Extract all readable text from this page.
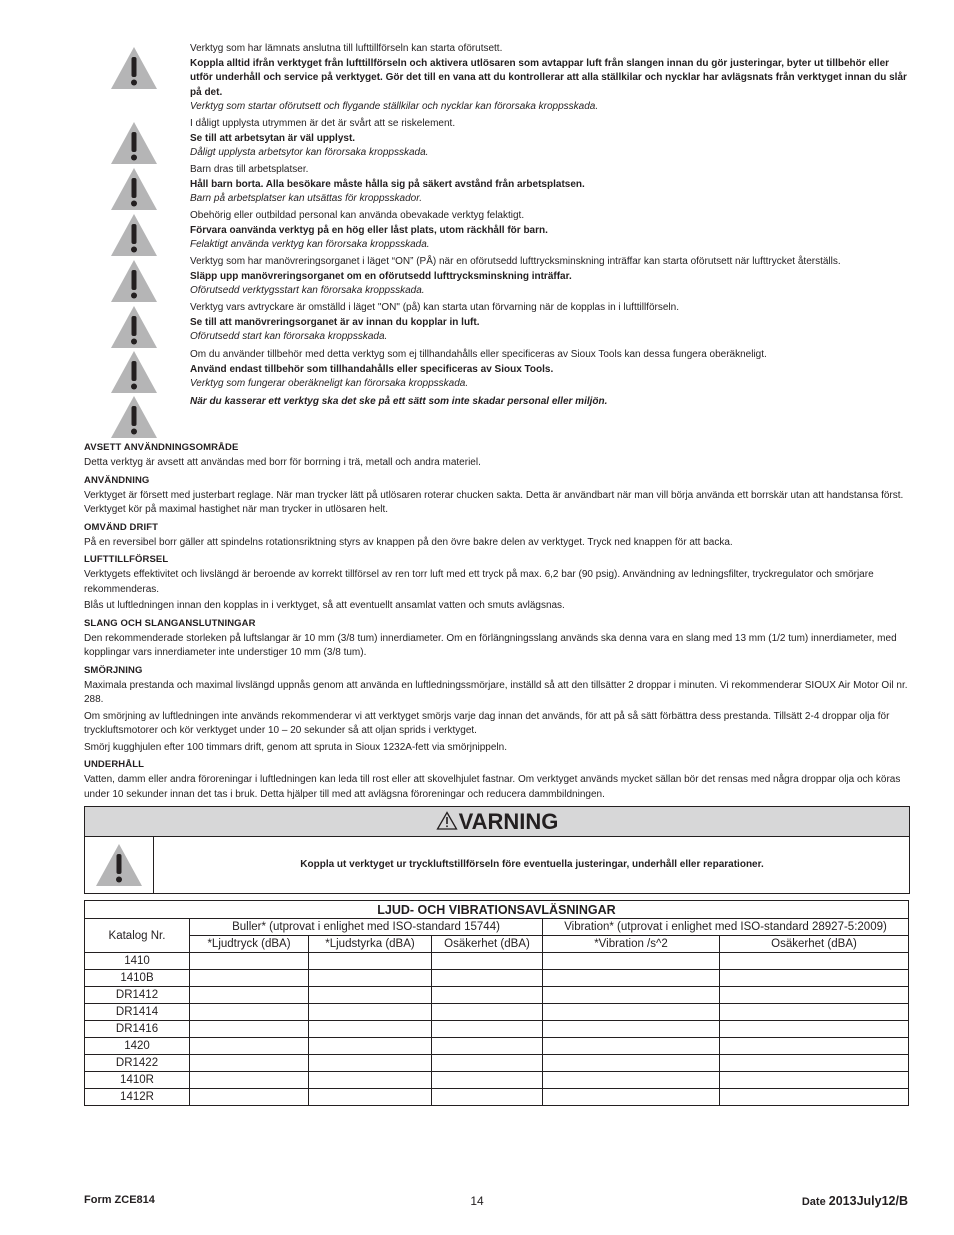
Verktyg som har lämnats anslutna till lufttillförseln kan starta oförutsett.
Koppla alltid ifrån verktyget från lufttillförseln och aktivera utlösaren som avtappar luft från slangen innan du gör justeringar, byter ut tillbehör eller utför underhåll och service på verktyget. Gör det till en vana att du kontrollerar att alla ställkilar och nycklar har avlägsnats från verktyget innan du slår på det.
Verktyg som startar oförutsett och flygande ställkilar och nycklar kan förorsaka kroppsskada.
I dåligt upplysta utrymmen är det är svårt att se riskelement.
Se till att arbetsytan är väl upplyst.
Dåligt upplysta arbetsytor kan förorsaka kroppsskada.
Barn dras till arbetsplatser.
Håll barn borta. Alla besökare måste hålla sig på säkert avstånd från arbetsplatsen.
Barn på arbetsplatser kan utsättas för kroppsskador.
Obehörig eller outbildad personal kan använda obevakade verktyg felaktigt.
Förvara oanvända verktyg på en hög eller låst plats, utom räckhåll för barn.
Felaktigt använda verktyg kan förorsaka kroppsskada.
Verktyg som har manövreringsorganet i läget “ON” (PÅ) när en oförutsedd lufttrycksminskning inträffar kan starta oförutsett när lufttrycket återställs.
Släpp upp manövreringsorganet om en oförutsedd lufttrycksminskning inträffar.
Oförutsedd verktygsstart kan förorsaka kroppsskada.
Verktyg vars avtryckare är omställd i läget "ON" (på) kan starta utan förvarning när de kopplas in i lufttillförseln.
Se till att manövreringsorganet är av innan du kopplar in luft.
Oförutsedd start kan förorsaka kroppsskada.
Om du använder tillbehör med detta verktyg som ej tillhandahålls eller specificeras av Sioux Tools kan dessa fungera oberäkneligt.
Använd endast tillbehör som tillhandahålls eller specificeras av Sioux Tools.
Verktyg som fungerar oberäkneligt kan förorsaka kroppsskada.
När du kasserar ett verktyg ska det ske på ett sätt som inte skadar personal eller miljön.
AVSETT ANVÄNDNINGSOMRÅDE

Detta verktyg är avsett att användas med borr för borrning i trä, metall och andra materiel.

ANVÄNDNING

Verktyget är försett med justerbart reglage. När man trycker lätt på utlösaren roterar chucken sakta. Detta är användbart när man vill börja använda ett borrskär utan att handstansa först. Verktyget kör på maximal hastighet när man trycker in utlösaren helt.

OMVÄND DRIFT

På en reversibel borr gäller att spindelns rotationsriktning styrs av knappen på den övre bakre delen av verktyget. Tryck ned knappen för att backa.

LUFTTILLFÖRSEL

Verktygets effektivitet och livslängd är beroende av korrekt tillförsel av ren torr luft med ett tryck på max. 6,2 bar (90 psig). Användning av ledningsfilter, tryckregulator och smörjare rekommenderas.

Blås ut luftledningen innan den kopplas in i verktyget, så att eventuellt ansamlat vatten och smuts avlägsnas.

SLANG OCH SLANGANSLUTNINGAR

Den rekommenderade storleken på luftslangar är 10 mm (3/8 tum) innerdiameter. Om en förlängningsslang används ska denna vara en slang med 13 mm (1/2 tum) innerdiameter, med kopplingar vars innerdiameter inte understiger 10 mm (3/8 tum).

SMÖRJNING

Maximala prestanda och maximal livslängd uppnås genom att använda en luftledningssmörjare, inställd så att den tillsätter 2 droppar i minuten. Vi rekommenderar SIOUX Air Motor Oil nr. 288.

Om smörjning av luftledningen inte används rekommenderar vi att verktyget smörjs varje dag innan det används, för att på så sätt förbättra dess prestanda. Tillsätt 2-4 droppar olja för tryckluftsmotorer och kör verktyget under 10 – 20 sekunder så att oljan sprids i verktyget.

Smörj kugghjulen efter 100 timmars drift, genom att spruta in Sioux 1232A-fett via smörjnippeln.

UNDERHÅLL

Vatten, damm eller andra föroreningar i luftledningen kan leda till rost eller att skovelhjulet fastnar. Om verktyget används mycket sällan bör det rensas med några droppar olja och köras under 10 sekunder innan det tas i bruk. Detta hjälper till med att avlägsna föroreningar och reducera dammbildningen.

VARNING
Koppla ut verktyget ur tryckluftstillförseln före eventuella justeringar, underhåll eller reparationer.
LJUD- OCH VIBRATIONSAVLÄSNINGAR					
Katalog Nr.	Buller* (utprovat i enlighet med ISO-standard 15744)			Vibration* (utprovat i enlighet med ISO-standard 28927-5:2009)	
	*Ljudtryck (dBA)	*Ljudstyrka (dBA)	Osäkerhet (dBA)	*Vibration /s^2	Osäkerhet (dBA)
1410					
1410B					
DR1412					
DR1414					
DR1416					
1420					
DR1422					
1410R					
1412R					
Form ZCE814	14	Date 2013July12/B
